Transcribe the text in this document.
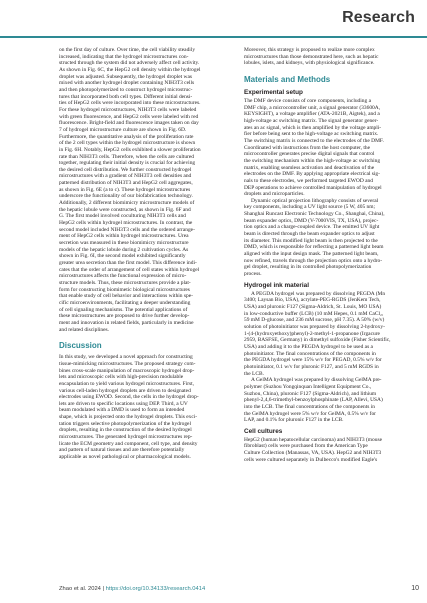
Research

on the first day of culture. Over time, the cell viability steadily
increased, indicating that the hydrogel microstructures con-
structed through the system did not adversely affect cell activity.
As shown in Fig. 6C, the HepG2 cell density within the hydrogel
droplet was adjusted. Subsequently, the hydrogel droplet was
mixed with another hydrogel droplet containing NIH3T3 cells
and then photopolymerized to construct hydrogel microstruc-
tures that incorporated both cell types. Different initial densi-
ties of HepG2 cells were incorporated into these microstructures.
For these hydrogel microstructures, NIH3T3 cells were labeled
with green fluorescence, and HepG2 cells were labeled with red
fluorescence. Bright-field and fluorescence images taken on day
7 of hydrogel microstructure culture are shown in Fig. 6D.
Furthermore, the quantitative analysis of the proliferation rate
of the 2 cell types within the hydrogel microstructure is shown
in Fig. 6H. Notably, HepG2 cells exhibited a slower proliferation
rate than NIH3T3 cells. Therefore, when the cells are cultured
together, regulating their initial density is crucial for achieving
the desired cell distribution. We further constructed hydrogel
microstructures with a gradient of NIH3T3 cell densities and
patterned distribution of NIH3T3 and HepG2 cell aggregates,
as shown in Fig. 6E (a to c). These hydrogel microstructures
underscore the functionality of our biofabrication technology.
Additionally, 2 different biomimicry microstructure models of
the hepatic lobule were constructed, as shown in Fig. 6F and
G. The first model involved coculturing NIH3T3 cells and
HepG2 cells within hydrogel microstructures. In contrast, the
second model included NIH3T3 cells and the ordered arrange-
ment of HepG2 cells within hydrogel microstructures. Urea
secretion was measured in these biomimicry microstructure
models of the hepatic lobule during 2 cultivation cycles. As
shown in Fig. 6I, the second model exhibited significantly
greater urea secretion than the first model. This difference indi-
cates that the order of arrangement of cell states within hydrogel
microstructures affects the functional expression of micro-
structure models. Thus, these microstructures provide a plat-
form for constructing biomimetic biological microstructures
that enable study of cell behavior and interactions within spe-
cific microenvironments, facilitating a deeper understanding
of cell signaling mechanisms. The potential applications of
these microstructures are proposed to drive further develop-
ment and innovation in related fields, particularly in medicine
and related disciplines.

Discussion

In this study, we developed a novel approach for constructing
tissue-mimicking microstructures. The proposed strategy com-
bines cross-scale manipulation of macroscopic hydrogel drop-
lets and microscopic cells with high-precision modulable
encapsulation to yield various hydrogel microstructures. First,
various cell-laden hydrogel droplets are driven to designated
electrodes using EWOD. Second, the cells in the hydrogel drop-
lets are driven to specific locations using DEP. Third, a UV
beam modulated with a DMD is used to form an intended
shape, which is projected onto the hydrogel droplets. This exci-
tation triggers selective photopolymerization of the hydrogel
droplets, resulting in the construction of the desired hydrogel
microstructures. The generated hydrogel microstructures rep-
licate the ECM geometry and component, cell type, and density
and pattern of natural tissues and are therefore potentially
applicable as novel pathological or pharmacological models.

Moreover, this strategy is proposed to realize more complex
microstructures than those demonstrated here, such as hepatic
lobules, islets, and kidneys, with physiological significance.

Materials and Methods
Experimental setup

The DMF device consists of core components, including a
DMF chip, a microcontroller unit, a signal generator (33600A,
KEYSIGHT), a voltage amplifier (ATA-2021B, Aigtek), and a
high-voltage ac switching matrix. The signal generator gener-
ates an ac signal, which is then amplified by the voltage ampli-
fier before being sent to the high-voltage ac switching matrix.
The switching matrix is connected to the electrodes of the DMF.
Coordinated with instructions from the host computer, the
microcontroller generates precise digital signals that control
the switching mechanism within the high-voltage ac switching
matrix, enabling seamless activation and deactivation of the
electrodes on the DMF. By applying appropriate electrical sig-
nals to these electrodes, we performed targeted EWOD and
DEP operations to achieve controlled manipulation of hydrogel
droplets and microparticles.

Dynamic optical projection lithography consists of several
key components, including a UV light source (5 W, 405 nm;
Shanghai Runcast Electronic Technology Co., Shanghai, China),
beam expander optics, DMD (V-7000VIS, TX, USA), projec-
tion optics and a charge-coupled device. The emitted UV light
beam is directed through the beam expander optics to adjust
its diameter. This modified light beam is then projected to the
DMD, which is responsible for reflecting a patterned light beam
aligned with the input design mask. The patterned light beam,
now refined, travels through the projection optics onto a hydro-
gel droplet, resulting in its controlled photopolymerization
process.

Hydrogel ink material

A PEGDA hydrogel was prepared by dissolving PEGDA (Mn
3400; Laysan Bio, USA), acrylate-PEG-RGDS (JenKem Tech,
USA) and pluronic F127 (Sigma-Aldrich, St. Louis, MO USA)
in low-conductive buffer (LCB) (10 mM Hepes, 0.1 mM CaCl₂,
59 mM D-glucose, and 236 mM sucrose, pH 7.35). A 50% (w/v)
solution of photoinitiator was prepared by dissolving 2-hydroxy-
1-(4-(hydroxyethoxy)phenyl)-2-methyl-1-propanone (Irgacure
2959, BASFSE, Germany) in dimethyl sulfoxide (Fisher Scientific,
USA) and adding it to the PEGDA hydrogel to be used as a
photoinitiator. The final concentrations of the components in
the PEGDA hydrogel were 15% w/v for PEGAD, 0.5% w/v for
photoinitiator, 0.1 w/v for pluronic F127, and 5 mM RGDS in
the LCB.

A GelMA hydrogel was prepared by dissolving GelMA pre-
polymer (Suzhou Yongqinquan Intelligent Equipment Co.,
Suzhou, China), pluronic F127 (Sigma-Aldrich), and lithium
phenyl-2,4,6-trimethyl-benzoylphosphinate (LAP, Allevi, USA)
into the LCB. The final concentrations of the components in
the GelMA hydrogel were 5% w/v for GelMA, 0.5% w/v for
LAP, and 0.1% for pluronic F127 in the LCB.

Cell cultures

HepG2 (human hepatocellular carcinoma) and NIH3T3 (mouse
fibroblast) cells were purchased from the American Type
Culture Collection (Manassas, VA, USA). HepG2 and NIH3T3
cells were cultured separately in Dulbecco's modified Eagle's

Zhao et al. 2024 | https://doi.org/10.34133/research.0414	10
